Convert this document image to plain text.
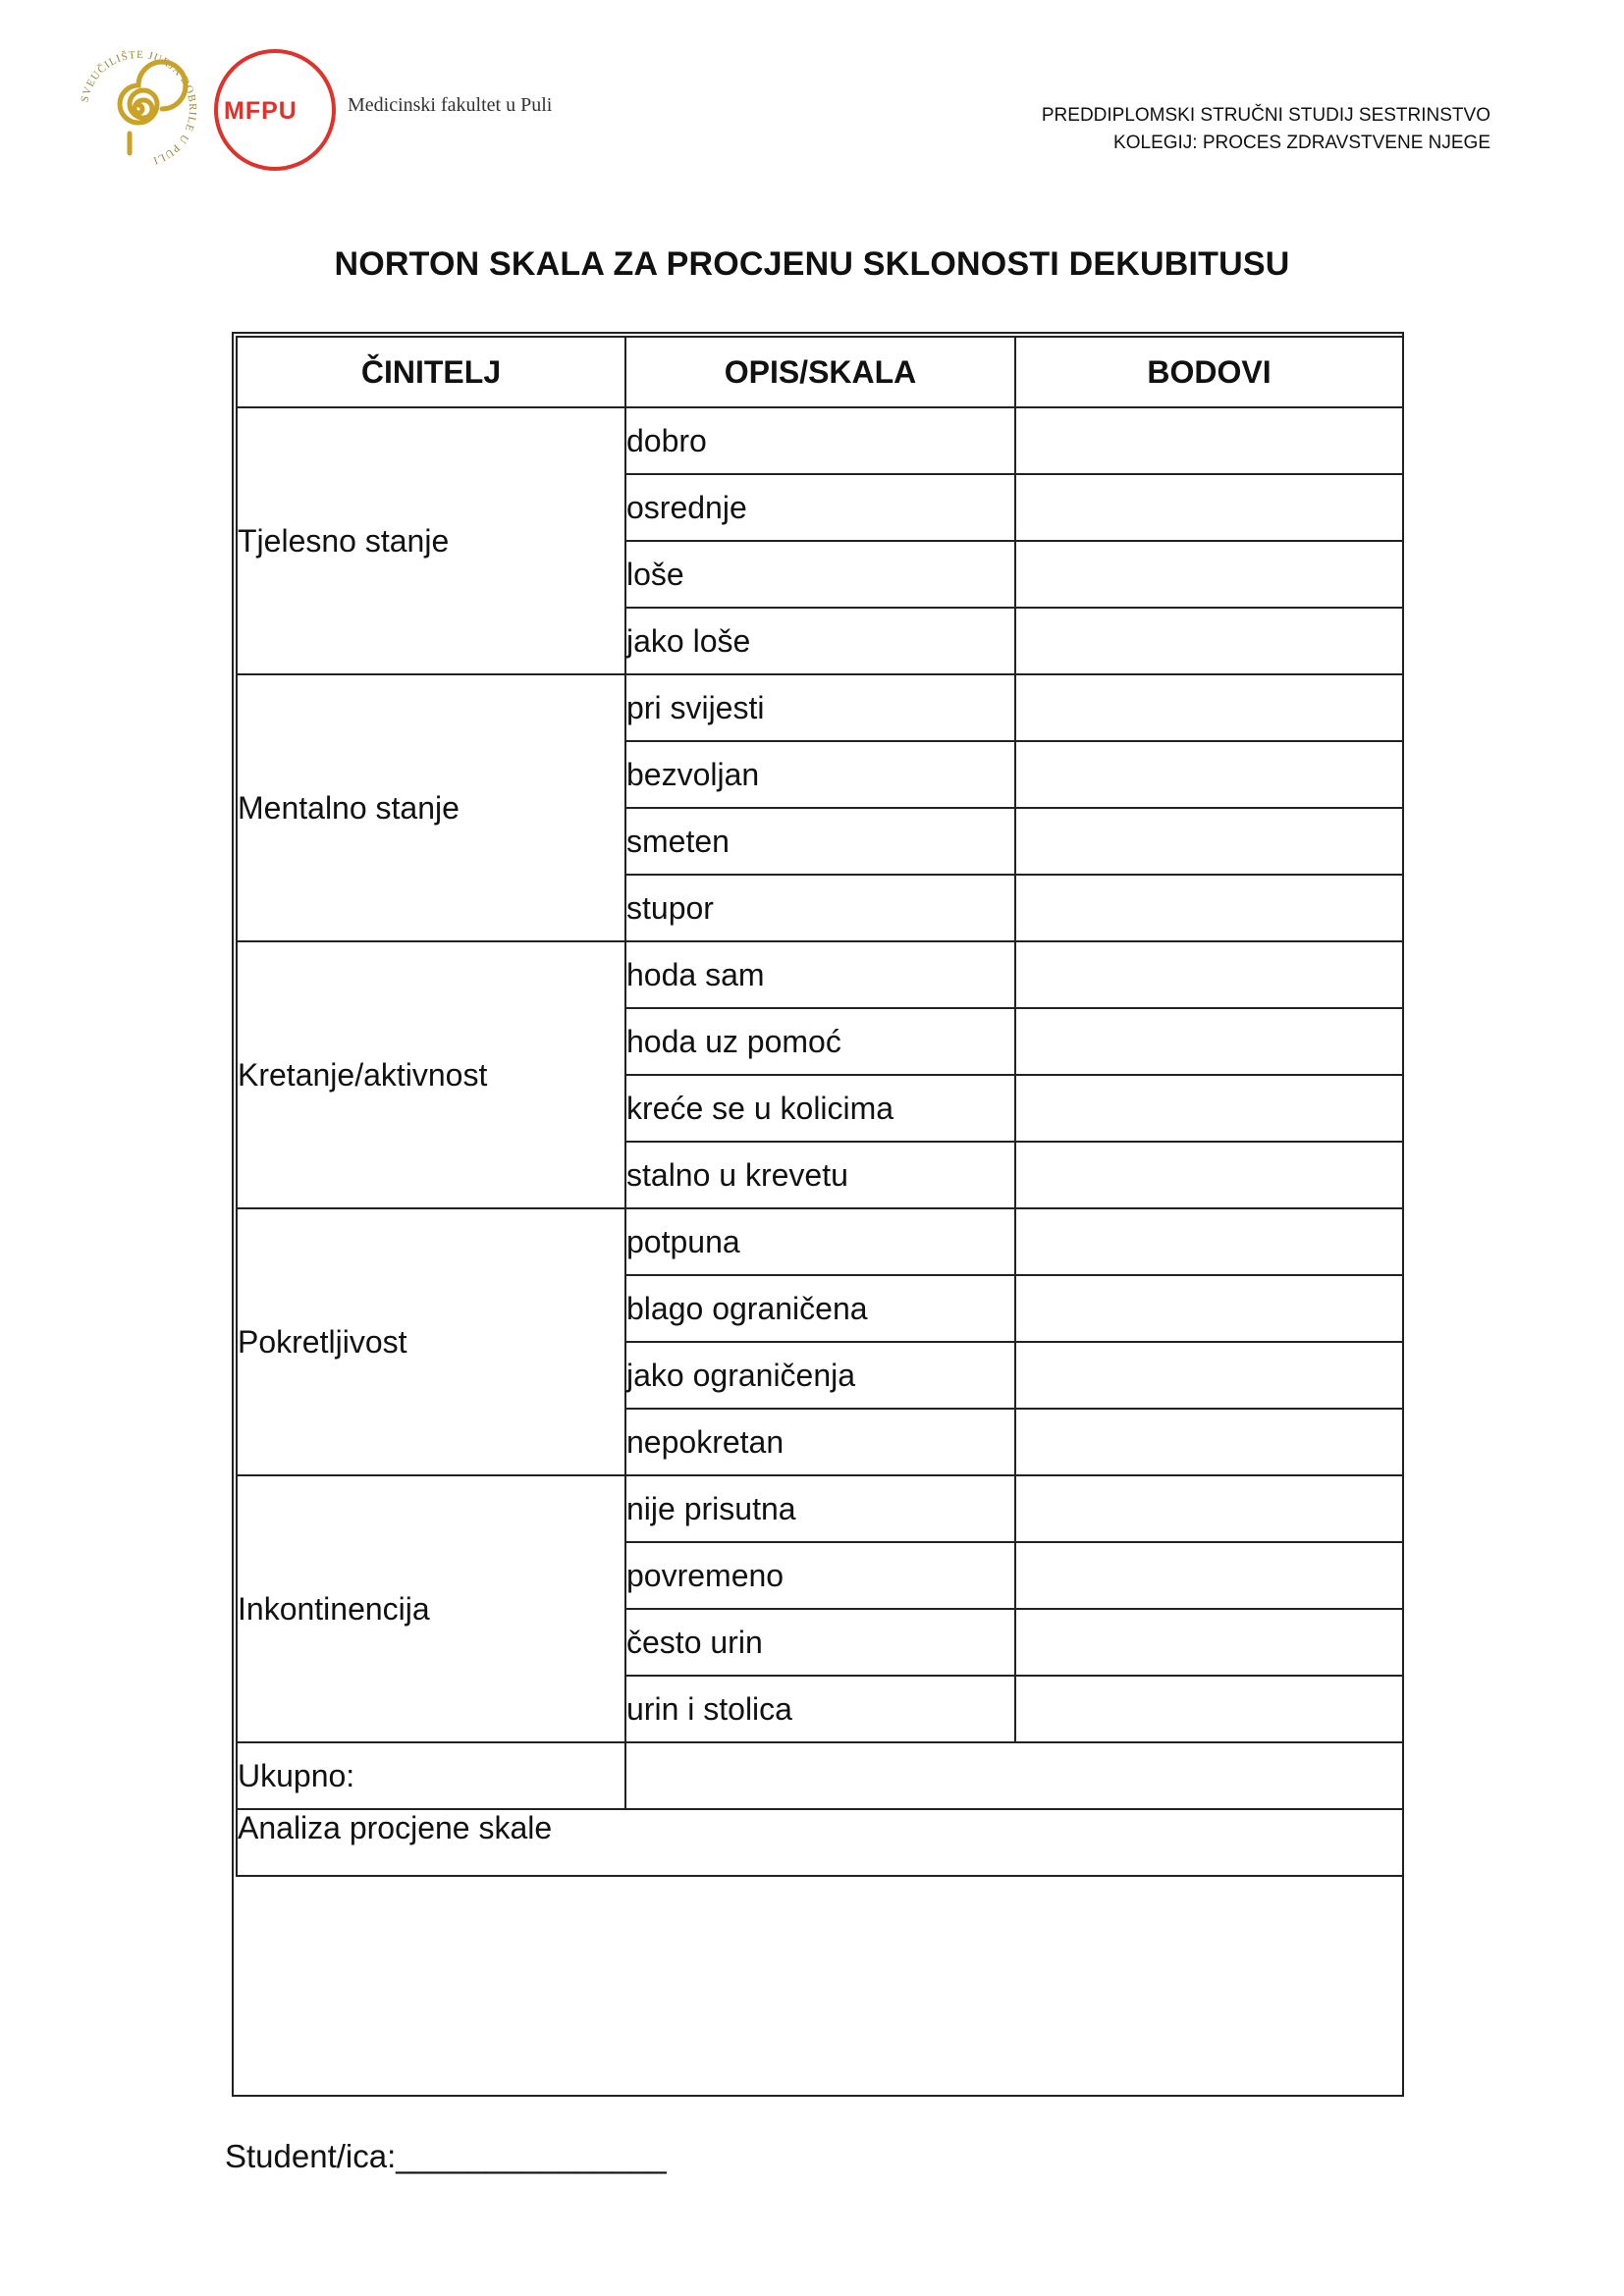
SVEUČILIŠTE JURJA DOBRILE U PULI
MFPU	Medicinski fakultet u Puli	PREDDIPLOMSKI STRUČNI STUDIJ SESTRINSTVO
KOLEGIJ: PROCES ZDRAVSTVENE NJEGE
NORTON SKALA ZA PROCJENU SKLONOSTI DEKUBITUSU
ČINITELJ	OPIS/SKALA	BODOVI
Tjelesno stanje	dobro	
	osrednje	
	loše	
	jako loše	
Mentalno stanje	pri svijesti	
	bezvoljan	
	smeten	
	stupor	
Kretanje/aktivnost	hoda sam	
	hoda uz pomoć	
	kreće se u kolicima	
	stalno u krevetu	
Pokretljivost	potpuna	
	blago ograničena	
	jako ograničenja	
	nepokretan	
Inkontinencija	nije prisutna	
	povremeno	
	često urin	
	urin i stolica	
Ukupno:		
Analiza procjene skale		
Student/ica:_______________
